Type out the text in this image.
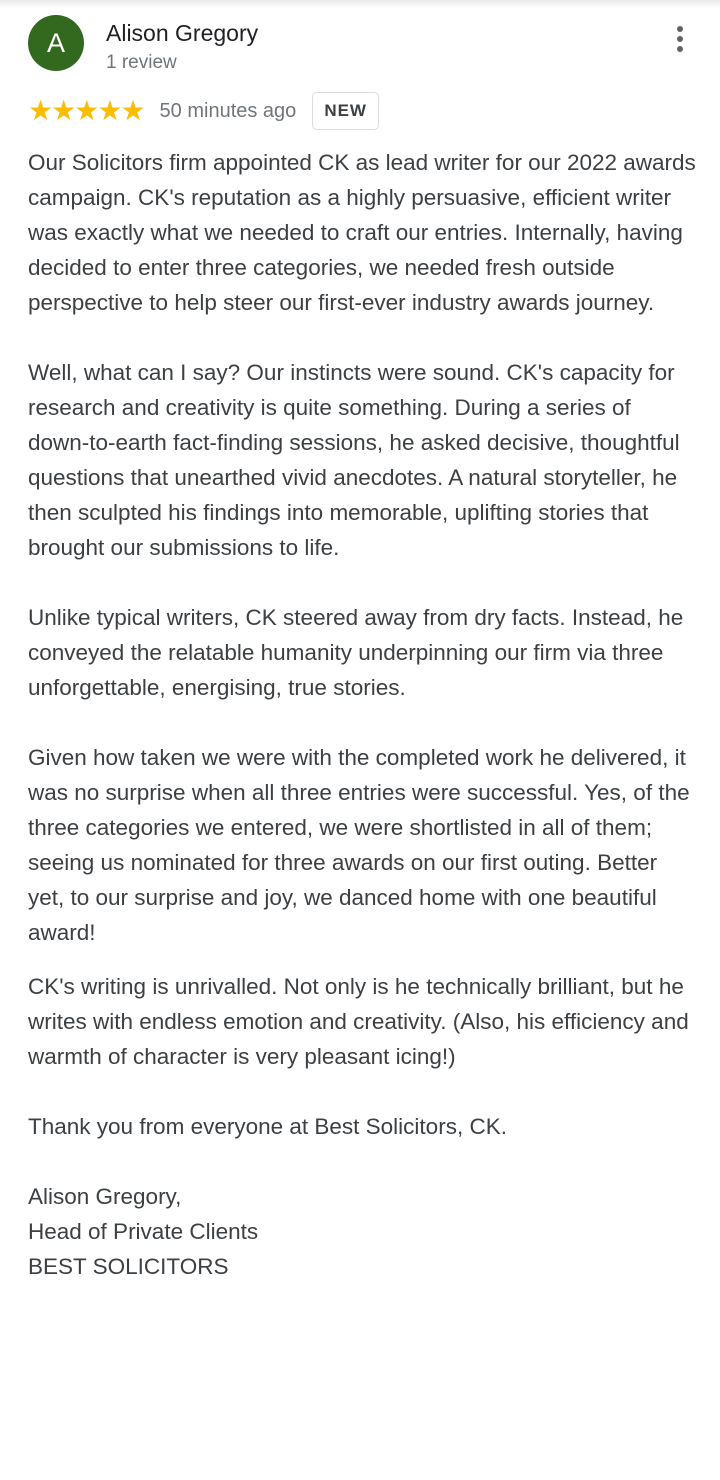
A	Alison Gregory
1 review
★ ★ ★ ★ ★ 50 minutes ago	NEW

Our Solicitors firm appointed CK as lead writer for our 2022 awards campaign. CK's reputation as a highly persuasive, efficient writer was exactly what we needed to craft our entries. Internally, having decided to enter three categories, we needed fresh outside perspective to help steer our first-ever industry awards journey.

Well, what can I say? Our instincts were sound. CK's capacity for research and creativity is quite something. During a series of down-to-earth fact-finding sessions, he asked decisive, thoughtful questions that unearthed vivid anecdotes. A natural storyteller, he then sculpted his findings into memorable, uplifting stories that brought our submissions to life.

Unlike typical writers, CK steered away from dry facts. Instead, he conveyed the relatable humanity underpinning our firm via three unforgettable, energising, true stories.

Given how taken we were with the completed work he delivered, it was no surprise when all three entries were successful. Yes, of the three categories we entered, we were shortlisted in all of them; seeing us nominated for three awards on our first outing. Better yet, to our surprise and joy, we danced home with one beautiful award!

CK's writing is unrivalled. Not only is he technically brilliant, but he writes with endless emotion and creativity. (Also, his efficiency and warmth of character is very pleasant icing!)

Thank you from everyone at Best Solicitors, CK.

Alison Gregory,

Head of Private Clients

BEST SOLICITORS
